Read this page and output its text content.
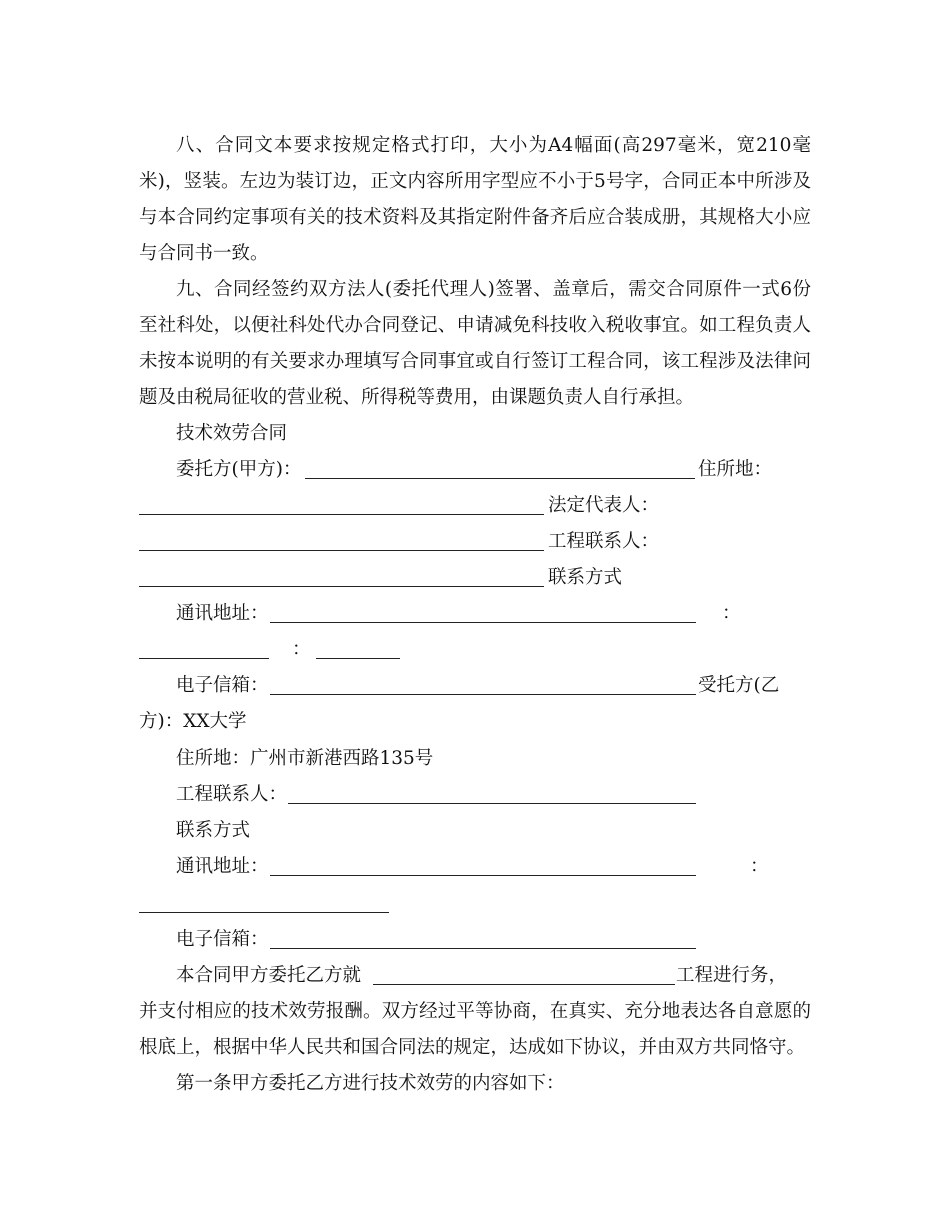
八、合同文本要求按规定格式打印，大小为A4幅面(高297毫米，宽210毫米)，竖装。左边为装订边，正文内容所用字型应不小于5号字，合同正本中所涉及与本合同约定事项有关的技术资料及其指定附件备齐后应合装成册，其规格大小应与合同书一致。

九、合同经签约双方法人(委托代理人)签署、盖章后，需交合同原件一式6份至社科处，以便社科处代办合同登记、申请减免科技收入税收事宜。如工程负责人未按本说明的有关要求办理填写合同事宜或自行签订工程合同，该工程涉及法律问题及由税局征收的营业税、所得税等费用，由课题负责人自行承担。

技术效劳合同
委托方(甲方)：	住所地：
法定代表人：
工程联系人：
联系方式
通讯地址：	：
：
电子信箱：	受托方(乙
方)：XX大学
住所地：广州市新港西路135号
工程联系人：
联系方式
通讯地址：	：
电子信箱：
本合同甲方委托乙方就	工程进行务，

并支付相应的技术效劳报酬。双方经过平等协商，在真实、充分地表达各自意愿的根底上，根据中华人民共和国合同法的规定，达成如下协议，并由双方共同恪守。

第一条甲方委托乙方进行技术效劳的内容如下：
